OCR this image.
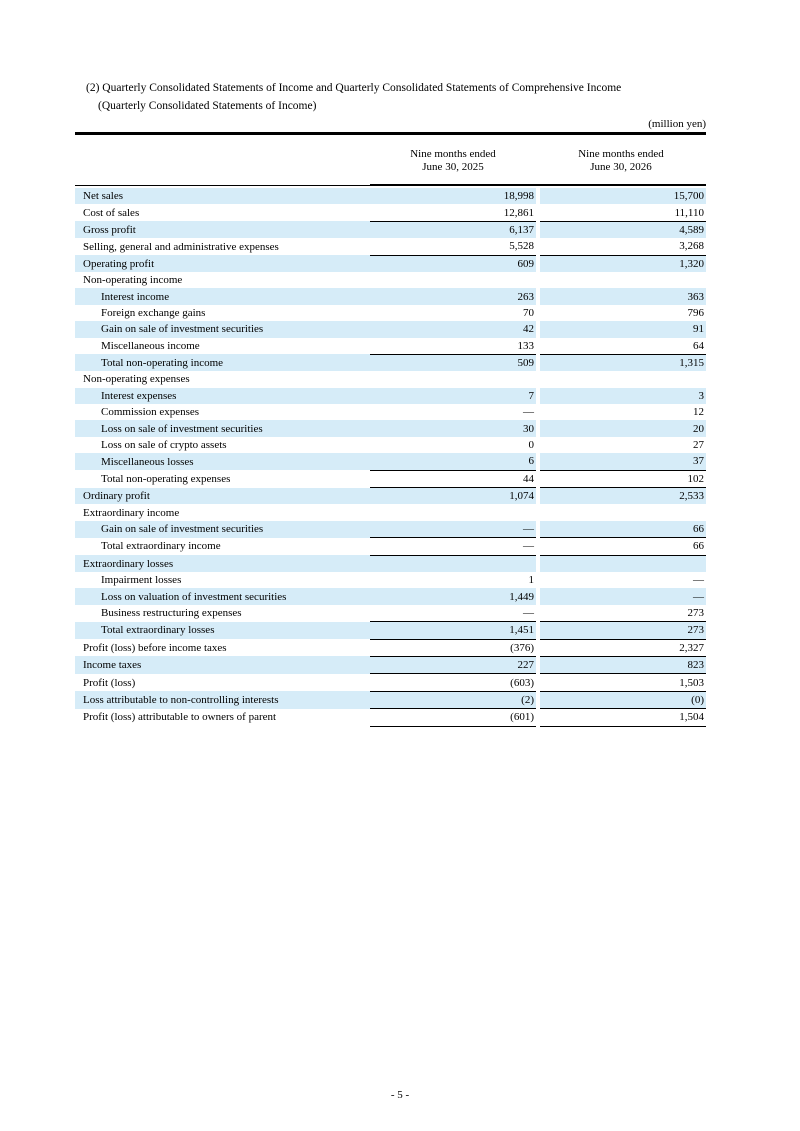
(2) Quarterly Consolidated Statements of Income and Quarterly Consolidated Statements of Comprehensive Income
(Quarterly Consolidated Statements of Income)
(million yen)
Nine months ended
June 30, 2025
Nine months ended
June 30, 2026
Net sales	18,998		15,700
Cost of sales	12,861		11,110
Gross profit	6,137		4,589
Selling, general and administrative expenses	5,528		3,268
Operating profit	609		1,320
Non-operating income			
Interest income	263		363
Foreign exchange gains	70		796
Gain on sale of investment securities	42		91
Miscellaneous income	133		64
Total non-operating income	509		1,315
Non-operating expenses			
Interest expenses	7		3
Commission expenses	—		12
Loss on sale of investment securities	30		20
Loss on sale of crypto assets	0		27
Miscellaneous losses	6		37
Total non-operating expenses	44		102
Ordinary profit	1,074		2,533
Extraordinary income			
Gain on sale of investment securities	—		66
Total extraordinary income	—		66
Extraordinary losses			
Impairment losses	1		—
Loss on valuation of investment securities	1,449		—
Business restructuring expenses	—		273
Total extraordinary losses	1,451		273
Profit (loss) before income taxes	(376)		2,327
Income taxes	227		823
Profit (loss)	(603)		1,503
Loss attributable to non-controlling interests	(2)		(0)
Profit (loss) attributable to owners of parent	(601)		1,504
- 5 -
